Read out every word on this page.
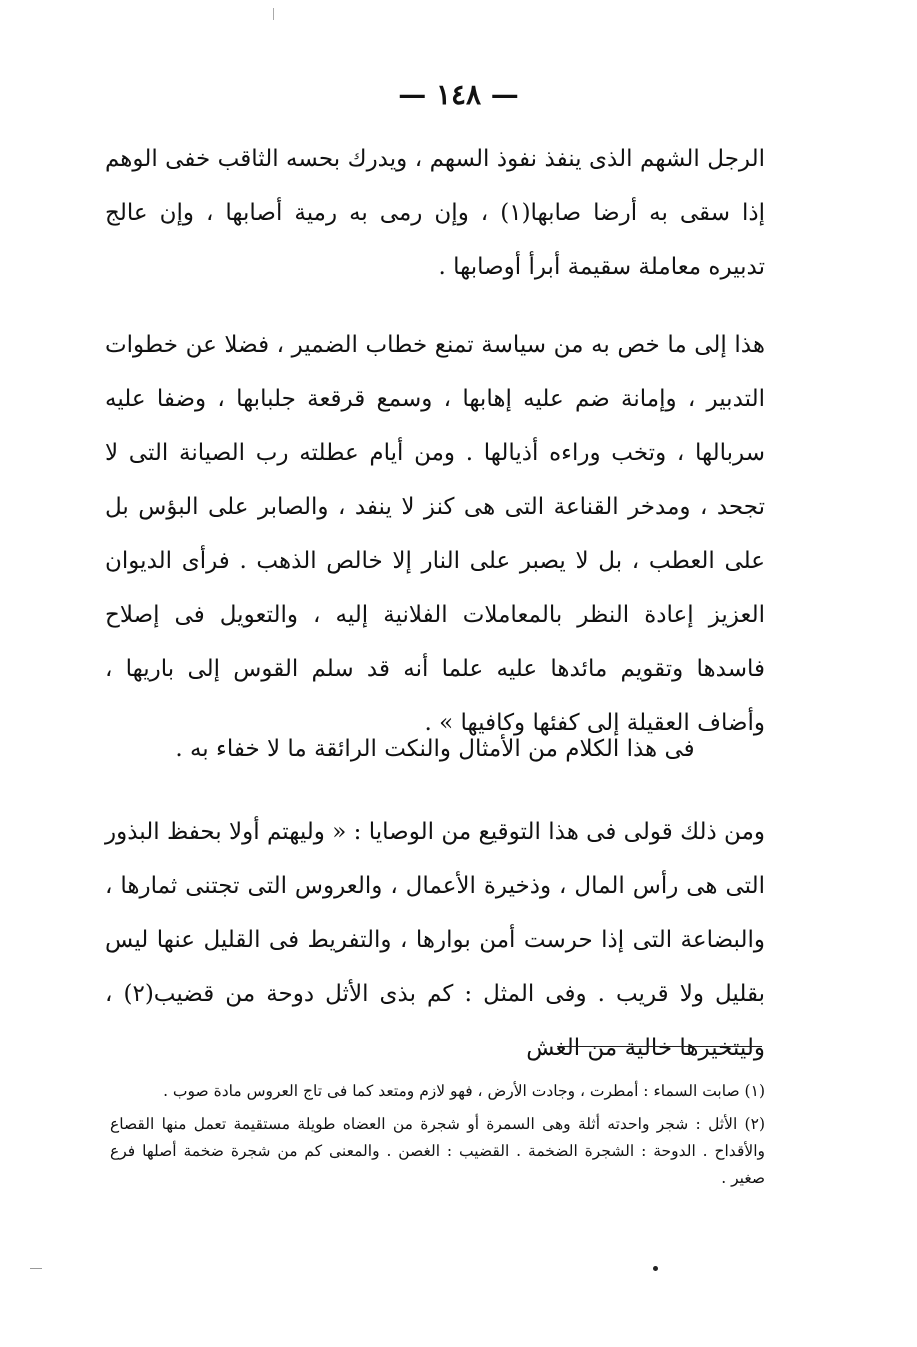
— ١٤٨ —

الرجل الشهم الذى ينفذ نفوذ السهم ، ويدرك بحسه الثاقب خفى الوهم إذا سقى به أرضا صابها(١) ، وإن رمى به رمية أصابها ، وإن عالج تدبيره معاملة سقيمة أبرأ أوصابها .

هذا إلى ما خص به من سياسة تمنع خطاب الضمير ، فضلا عن خطوات التدبير ، وإمانة ضم عليه إهابها ، وسمع قرقعة جلبابها ، وضفا عليه سربالها ، وتخب وراءه أذيالها . ومن أيام عطلته رب الصيانة التى لا تجحد ، ومدخر القناعة التى هى كنز لا ينفد ، والصابر على البؤس بل على العطب ، بل لا يصبر على النار إلا خالص الذهب . فرأى الديوان العزيز إعادة النظر بالمعاملات الفلانية إليه ، والتعويل فى إصلاح فاسدها وتقويم مائدها عليه علما أنه قد سلم القوس إلى باريها ، وأضاف العقيلة إلى كفئها وكافيها » .

فى هذا الكلام من الأمثال والنكت الرائقة ما لا خفاء به .

ومن ذلك قولى فى هذا التوقيع من الوصايا : « وليهتم أولا بحفظ البذور التى هى رأس المال ، وذخيرة الأعمال ، والعروس التى تجتنى ثمارها ، والبضاعة التى إذا حرست أمن بوارها ، والتفريط فى القليل عنها ليس بقليل ولا قريب . وفى المثل : كم بذى الأثل دوحة من قضيب(٢) ، وليتخيرها خالية من الغش

(١) صابت السماء : أمطرت ، وجادت الأرض ، فهو لازم ومتعد كما فى تاج العروس مادة صوب .

(٢) الأثل : شجر واحدته أثلة وهى السمرة أو شجرة من العضاه طويلة مستقيمة تعمل منها القصاع والأقداح . الدوحة : الشجرة الضخمة . القضيب : الغصن . والمعنى كم من شجرة ضخمة أصلها فرع صغير .
